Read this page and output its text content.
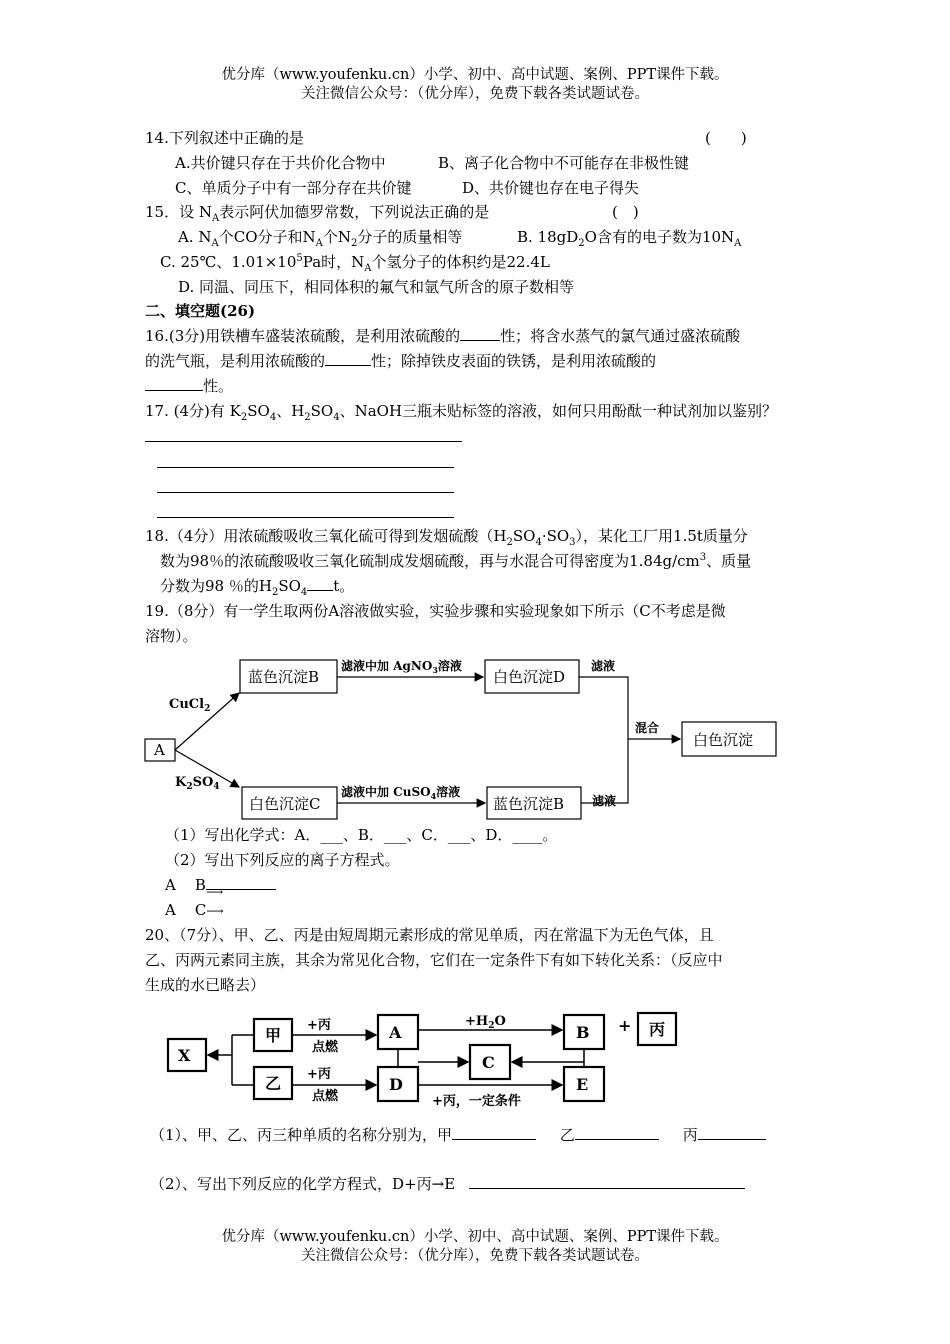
优分库（www.youfenku.cn）小学、初中、高中试题、案例、PPT课件下载。
关注微信公众号：（优分库），免费下载各类试题试卷。
14.下列叙述中正确的是	(　　)
A.共价键只存在于共价化合物中	B、离子化合物中不可能存在非极性键
C、单质分子中有一部分存在共价键	D、共价键也存在电子得失
15．设 $N_A$表示阿伏加德罗常数，下列说法正确的是	(　)
A. $N_A$个CO分子和$N_A$个$N_2$分子的质量相等	B. $18gD_2O$含有的电子数为$10N_A$
C. 25℃、$1.01\times 10^5Pa$时，$N_A$个氢分子的体积约是22.4L
D. 同温、同压下，相同体积的氟气和氩气所含的原子数相等
二、填空题(26)
16.(3分)用铁槽车盛装浓硫酸，是利用浓硫酸的	性；将含水蒸气的氯气通过盛浓硫酸
的洗气瓶，是利用浓硫酸的	性；除掉铁皮表面的铁锈，是利用浓硫酸的
性。
17. (4分)有 $K_2SO_4$、$H_2SO_4$、NaOH三瓶未贴标签的溶液，如何只用酚酞一种试剂加以鉴别？
18.（4分）用浓硫酸吸收三氧化硫可得到发烟硫酸$(H_2SO_4\cdot SO_3)$，某化工厂用1.5t质量分
数为98％的浓硫酸吸收三氧化硫制成发烟硫酸，再与水混合可得密度为$1.84g/cm^3$、质量
分数为98 ％的$H_2SO_4$ t。
19.（8分）有一学生取两份A溶液做实验，实验步骤和实验现象如下所示（C不考虑是微
溶物）。
蓝色沉淀B	白色沉淀D
A
白色沉淀C	蓝色沉淀B
白色沉淀
CuCl$_2$
$K_2SO_4$
滤液中加 AgNO$_3$溶液
滤液中加 CuSO$_4$溶液
滤液
滤液
混合
（1）写出化学式：A．___、B．___、C．___、D．____。
（2）写出下列反应的离子方程式。
A B ⟶
A C⟶
20、（7分）、甲、乙、丙是由短周期元素形成的常见单质，丙在常温下为无色气体，且
乙、丙两元素同主族，其余为常见化合物，它们在一定条件下有如下转化关系：（反应中
生成的水已略去）
X
甲
乙
A
D
C
B
E
丙
+
+丙
点燃
+丙
点燃
$+H_2O$
+丙，一定条件
（1）、甲、乙、丙三种单质的名称分别为，甲	乙	丙
（2）、写出下列反应的化学方程式，D+丙→E
优分库（www.youfenku.cn）小学、初中、高中试题、案例、PPT课件下载。
关注微信公众号：（优分库），免费下载各类试题试卷。
